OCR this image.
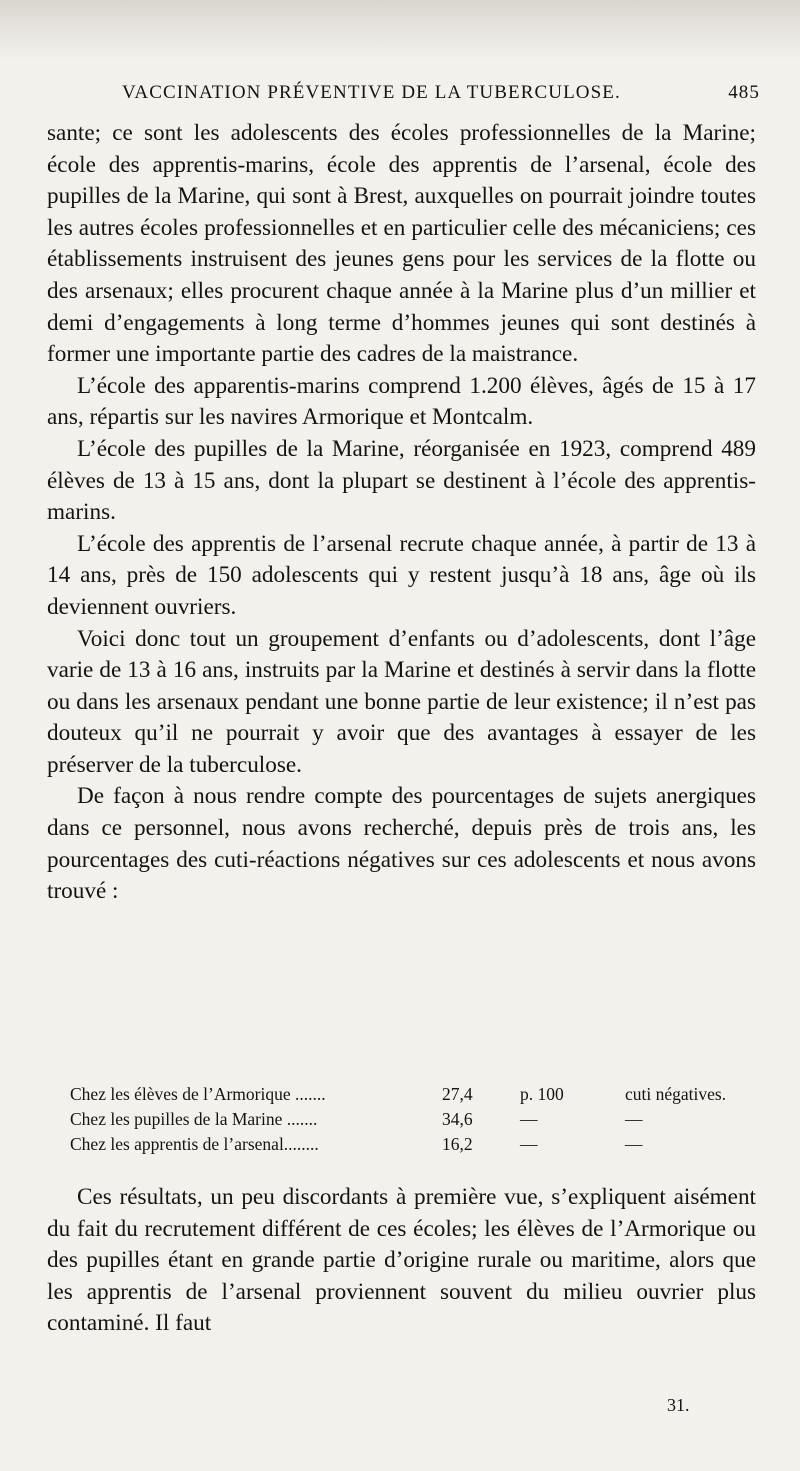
VACCINATION PRÉVENTIVE DE LA TUBERCULOSE.	485

sante; ce sont les adolescents des écoles professionnelles de la Marine; école des apprentis-marins, école des apprentis de l’arsenal, école des pupilles de la Marine, qui sont à Brest, auxquelles on pourrait joindre toutes les autres écoles professionnelles et en particulier celle des mécaniciens; ces établissements instruisent des jeunes gens pour les services de la flotte ou des arsenaux; elles procurent chaque année à la Marine plus d’un millier et demi d’engagements à long terme d’hommes jeunes qui sont destinés à former une importante partie des cadres de la maistrance.

L’école des apparentis-marins comprend 1.200 élèves, âgés de 15 à 17 ans, répartis sur les navires Armorique et Montcalm.

L’école des pupilles de la Marine, réorganisée en 1923, comprend 489 élèves de 13 à 15 ans, dont la plupart se destinent à l’école des apprentis-marins.

L’école des apprentis de l’arsenal recrute chaque année, à partir de 13 à 14 ans, près de 150 adolescents qui y restent jusqu’à 18 ans, âge où ils deviennent ouvriers.

Voici donc tout un groupement d’enfants ou d’adolescents, dont l’âge varie de 13 à 16 ans, instruits par la Marine et destinés à servir dans la flotte ou dans les arsenaux pendant une bonne partie de leur existence; il n’est pas douteux qu’il ne pourrait y avoir que des avantages à essayer de les préserver de la tuberculose.

De façon à nous rendre compte des pourcentages de sujets anergiques dans ce personnel, nous avons recherché, depuis près de trois ans, les pourcentages des cuti-réactions négatives sur ces adolescents et nous avons trouvé :

Chez les élèves de l’Armorique .......	27,4	p. 100	cuti négatives.
Chez les pupilles de la Marine .......	34,6	—	—
Chez les apprentis de l’arsenal........	16,2	—	—

Ces résultats, un peu discordants à première vue, s’expliquent aisément du fait du recrutement différent de ces écoles; les élèves de l’Armorique ou des pupilles étant en grande partie d’origine rurale ou maritime, alors que les apprentis de l’arsenal proviennent souvent du milieu ouvrier plus contaminé. Il faut

31.
